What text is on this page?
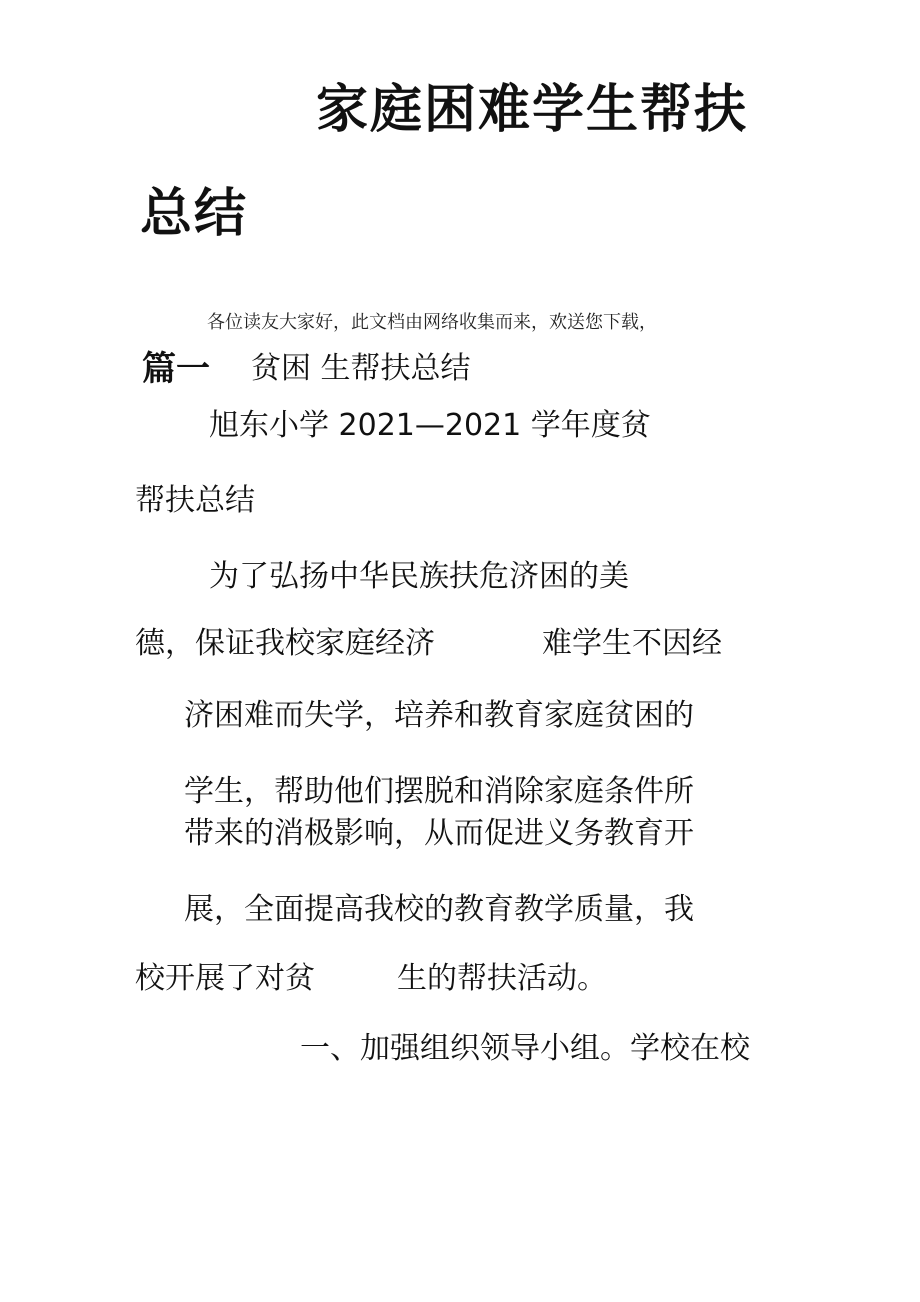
家庭困难学生帮扶
总结
各位读友大家好，此文档由网络收集而来，欢送您下载，
篇一 贫困 生帮扶总结
旭东小学 2021—2021 学年度贫
帮扶总结
为了弘扬中华民族扶危济困的美
德，保证我校家庭经济	难学生不因经
济困难而失学，培养和教育家庭贫困的
学生，帮助他们摆脱和消除家庭条件所
带来的消极影响，从而促进义务教育开
展，全面提高我校的教育教学质量，我
校开展了对贫	生的帮扶活动。
一、加强组织领导小组。学校在校
